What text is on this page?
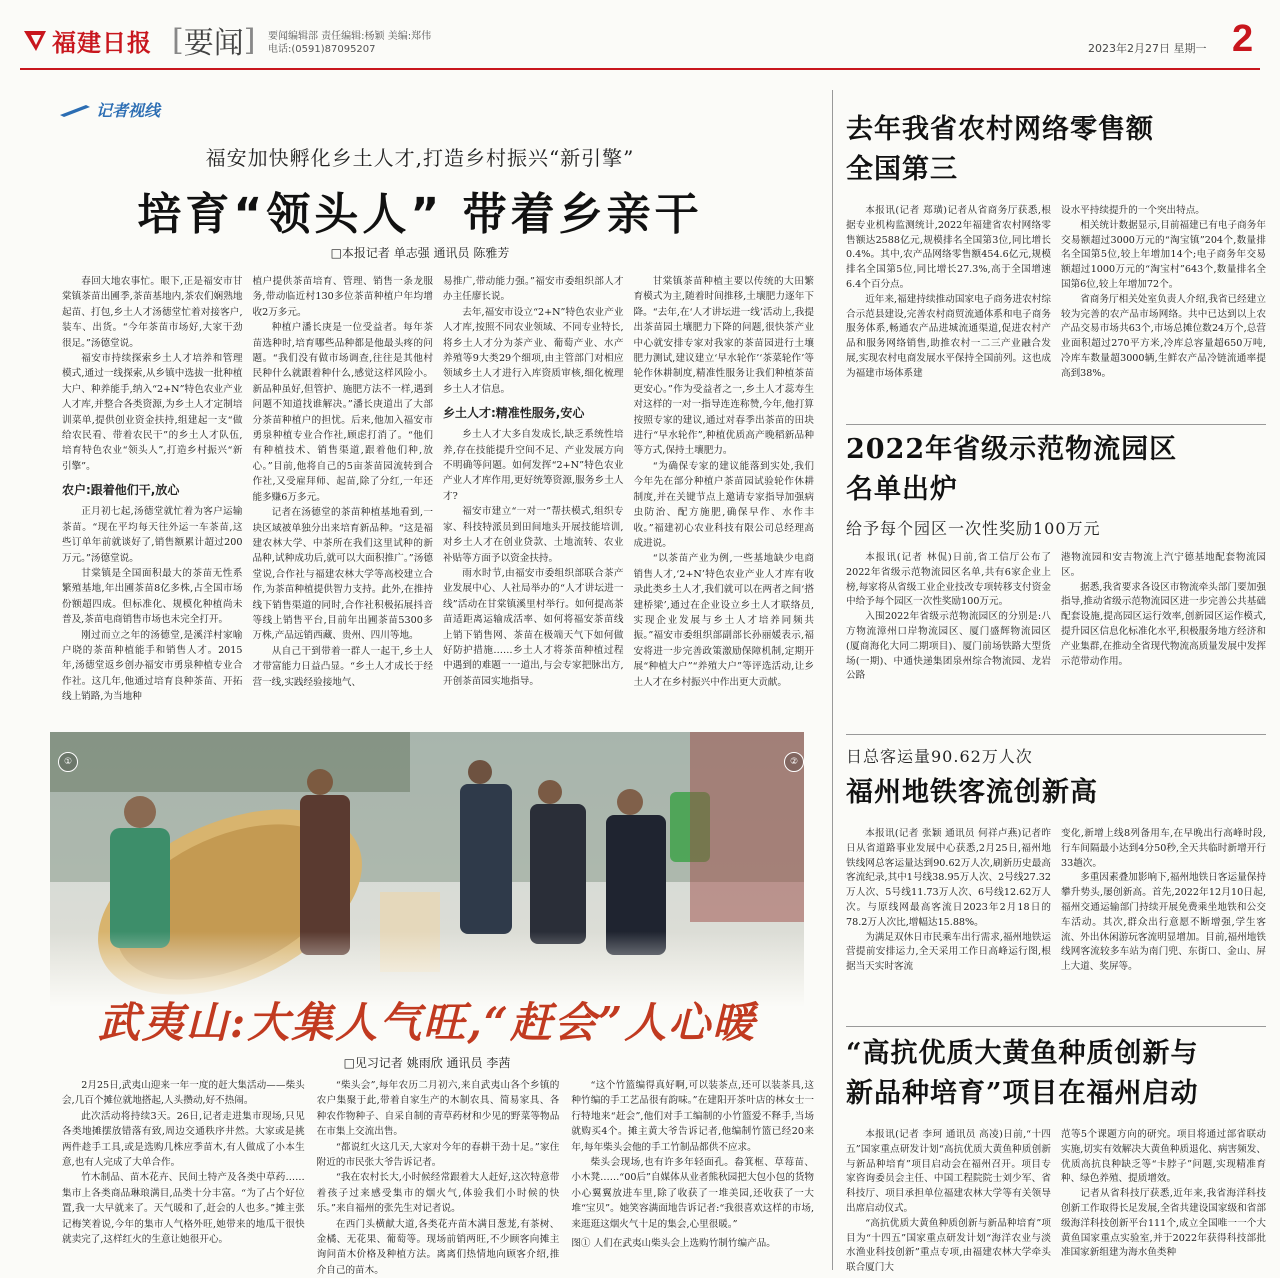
福建日报 [ 要闻 ] 要闻编辑部 责任编辑:杨颖 美编:郑伟
电话:(0591)87095207	2023年2月27日 星期一 2
记者视线
福安加快孵化乡土人才,打造乡村振兴“新引擎”
培育“领头人” 带着乡亲干
□本报记者 单志强 通讯员 陈雅芳

春回大地农事忙。眼下,正是福安市甘棠镇茶苗出圃季,茶苗基地内,茶农们娴熟地起苗、打包,乡土人才汤德堂忙着对接客户,装车、出货。“今年茶苗市场好,大家干劲很足。”汤德堂说。

福安市持续探索乡土人才培养和管理模式,通过一线探索,从乡镇中选拔一批种植大户、种养能手,纳入“2+N”特色农业产业人才库,并整合各类资源,为乡土人才定制培训菜单,提供创业资金扶持,组建起一支“做给农民看、带着农民干”的乡土人才队伍,培育特色农业“领头人”,打造乡村振兴“新引擎”。

农户:跟着他们干,放心

正月初七起,汤德堂就忙着为客户运输茶苗。“现在平均每天往外运一车茶苗,这些订单年前就谈好了,销售额累计超过200万元。”汤德堂说。

甘棠镇是全国面积最大的茶苗无性系繁殖基地,年出圃茶苗8亿多株,占全国市场份额超四成。但标准化、规模化种植尚未普及,茶苗电商销售市场也未完全打开。

刚过而立之年的汤德堂,是溪洋村家喻户晓的茶苗种植能手和销售人才。2015年,汤德堂返乡创办福安市勇泉种植专业合作社。这几年,他通过培育良种茶苗、开拓线上销路,为当地种

植户提供茶苗培育、管理、销售一条龙服务,带动临近村130多位茶苗种植户年均增收2万多元。

种植户潘长庚是一位受益者。每年茶苗选种时,培育哪些品种都是他最头疼的问题。“我们没有做市场调查,往往是其他村民种什么就跟着种什么,感觉这样风险小。新品种虽好,但管护、施肥方法不一样,遇到问题不知道找谁解决。”潘长庚道出了大部分茶苗种植户的担忧。后来,他加入福安市勇泉种植专业合作社,顾虑打消了。“他们有种植技术、销售渠道,跟着他们种,放心。”目前,他将自己的5亩茶苗园流转到合作社,又受雇拜师、起苗,除了分红,一年还能多赚6万多元。

记者在汤德堂的茶苗种植基地看到,一块区域被单独分出来培育新品种。“这是福建农林大学、中茶所在我们这里试种的新品种,试种成功后,就可以大面积推广。”汤德堂说,合作社与福建农林大学等高校建立合作,为茶苗种植提供智力支持。此外,在推持线下销售渠道的同时,合作社积极拓展抖音等线上销售平台,目前年出圃茶苗5300多万株,产品远销西藏、贵州、四川等地。

从自己干到带着一群人一起干,乡土人才带富能力日益凸显。“乡土人才成长于经营一线,实践经验接地气、

易推广,带动能力强。”福安市委组织部人才办主任廖长说。

去年,福安市设立“2+N”特色农业产业人才库,按照不同农业领域、不同专业特长,将乡土人才分为茶产业、葡萄产业、水产养殖等9大类29个细项,由主管部门对相应领域乡土人才进行入库资质审核,细化梳理乡土人才信息。

乡土人才:精准性服务,安心

乡土人才大多自发成长,缺乏系统性培养,存在技能提升空间不足、产业发展方向不明确等问题。如何发挥“2+N”特色农业产业人才库作用,更好统筹资源,服务乡土人才?

福安市建立“一对一”帮扶模式,组织专家、科技特派员到田间地头开展技能培训,对乡土人才在创业贷款、土地流转、农业补贴等方面予以资金扶持。

雨水时节,由福安市委组织部联合茶产业发展中心、人社局举办的“人才讲坛进一线”活动在甘棠镇溪里村举行。如何提高茶苗适距离运输成活率、如何将福安茶苗线上销下销售网、茶苗在极端天气下如何做好防护措施……乡土人才将茶苗种植过程中遇到的难题一一道出,与会专家把脉出方,开创茶苗园实地指导。

甘棠镇茶苗种植主要以传统的大田繁育模式为主,随着时间推移,土壤肥力逐年下降。“去年,在‘人才讲坛进一线’活动上,我提出茶苗园土壤肥力下降的问题,很快茶产业中心就安排专家对我家的茶苗园进行土壤肥力测试,建议建立‘早水轮作’‘茶菜轮作’等轮作休耕制度,精准性服务让我们种植茶苗更安心。”作为受益者之一,乡土人才蕊寿生对这样的一对一指导连连称赞,今年,他打算按照专家的建议,通过对春季出茶苗的田块进行“早水轮作”,种植优质高产晚稻新品种等方式,保持土壤肥力。

“为确保专家的建议能落到实处,我们今年先在部分种植户茶苗园试验轮作休耕制度,并在关键节点上邀请专家指导加强病虫防治、配方施肥,确保早作、水作丰收。”福建初心农业科技有限公司总经理高成进说。

“以茶苗产业为例,一些基地缺少电商销售人才,‘2+N’特色农业产业人才库有收录此类乡土人才,我们就可以在两者之间‘搭建桥梁’,通过在企业设立乡土人才联络员,实现企业发展与乡土人才培养同频共振。”福安市委组织部副部长孙丽媛表示,福安将进一步完善政策激励保障机制,定期开展“种植大户”“养殖大户”等评选活动,让乡土人才在乡村振兴中作出更大贡献。

去年我省农村网络零售额
全国第三

本报讯(记者 郑璜)记者从省商务厅获悉,根据专业机构监测统计,2022年福建省农村网络零售额达2588亿元,规模排名全国第3位,同比增长0.4%。其中,农产品网络零售额454.6亿元,规模排名全国第5位,同比增长27.3%,高于全国增速6.4个百分点。

近年来,福建持续推动国家电子商务进农村综合示范县建设,完善农村商贸流通体系和电子商务服务体系,畅通农产品进城流通渠道,促进农村产品和服务网络销售,助推农村一二三产业融合发展,实现农村电商发展水平保持全国前列。这也成为福建市场体系建

设水平持续提升的一个突出特点。

相关统计数据显示,目前福建已有电子商务年交易额超过3000万元的“淘宝镇”204个,数量排名全国第5位,较上年增加14个;电子商务年交易额超过1000万元的“淘宝村”643个,数量排名全国第6位,较上年增加72个。

省商务厅相关处室负责人介绍,我省已经建立较为完善的农产品市场网络。共中已达到以上农产品交易市场共63个,市场总摊位数24万个,总营业面积超过270平方米,冷库总容量超650万吨,冷库车数量超3000辆,生鲜农产品冷链流通率提高到38%。

2022年省级示范物流园区
名单出炉
给予每个园区一次性奖励100万元

本报讯(记者 林侃)日前,省工信厅公布了2022年省级示范物流园区名单,共有6家企业上榜,每家将从省级工业企业技改专项转移支付资金中给予每个园区一次性奖励100万元。

入围2022年省级示范物流园区的分别是:八方物流漳州口岸物流园区、厦门盛辉物流园区(厦商海化大同二期项目)、厦门前场铁路大型货场(一期)、中通快递集团泉州综合物流园、龙岩公路

港物流园和安吉物流上汽宁德基地配套物流园区。

据悉,我省要求各设区市物流牵头部门要加强指导,推动省级示范物流园区进一步完善公共基础配套设施,提高园区运行效率,创新园区运作模式,提升园区信息化标准化水平,积极服务地方经济和产业集群,在推动全省现代物流高质量发展中发挥示范带动作用。

日总客运量90.62万人次
福州地铁客流创新高

本报讯(记者 张颖 通讯员 何祥卢燕)记者昨日从省道路事业发展中心获悉,2月25日,福州地铁线网总客运量达到90.62万人次,刷新历史最高客流纪录,其中1号线38.95万人次、2号线27.32万人次、5号线11.73万人次、6号线12.62万人次。与原线网最高客流日2023年2月18日的78.2万人次比,增幅达15.88%。

为满足双休日市民乘车出行需求,福州地铁运营提前安排运力,全天采用工作日高峰运行图,根据当天实时客流

变化,新增上线8列备用车,在早晚出行高峰时段,行车间隔最小达到4分50秒,全天共临时新增开行33趟次。

多重因素叠加影响下,福州地铁日客运量保持攀升势头,屡创新高。首先,2022年12月10日起,福州交通运输部门持续开展免费乘坐地铁和公交车活动。其次,群众出行意愿不断增强,学生客流、外出休闲游玩客流明显增加。目前,福州地铁线网客流较多车站为南门兜、东街口、金山、屏上大道、奖屏等。

“高抗优质大黄鱼种质创新与
新品种培育”项目在福州启动

本报讯(记者 李珂 通讯员 高凌)日前,“十四五”国家重点研发计划“高抗优质大黄鱼种质创新与新品种培育”项目启动会在福州召开。项目专家咨询委员会主任、中国工程院院士刘少军、省科技厅、项目承担单位福建农林大学等有关领导出席启动仪式。

“高抗优质大黄鱼种质创新与新品种培育”项目为“十四五”国家重点研发计划“海洋农业与淡水渔业科技创新”重点专项,由福建农林大学牵头联合厦门大

范等5个课题方向的研究。项目将通过部省联动实施,切实有效解决大黄鱼种质退化、病害频发、优质高抗良种缺乏等“卡脖子”问题,实现精准育种、绿色养殖、提质增效。

记者从省科技厅获悉,近年来,我省海洋科技创新工作取得长足发展,全省共建设国家级和省部级海洋科技创新平台111个,成立全国唯一一个大黄鱼国家重点实验室,并于2022年获得科技部批准国家新组建为海水鱼类种

①	②
武夷山:大集人气旺,“赶会”人心暖
□见习记者 姚雨欣 通讯员 李茜

2月25日,武夷山迎来一年一度的赶大集活动——柴头会,几百个摊位就地搭起,人头攒动,好不热闹。

此次活动将持续3天。26日,记者走进集市现场,只见各类地摊摆放错落有致,周边交通秩序井然。大家或是挑两件趁手工具,或是选购几株应季苗木,有人做成了小本生意,也有人完成了大单合作。

竹木制品、苗木花卉、民间土特产及各类中草药……集市上各类商品琳琅满目,品类十分丰富。“为了占个好位置,我一大早就来了。天气暖和了,赶会的人也多。”摊主张记梅笑着说,今年的集市人气格外旺,她带来的地瓜干很快就卖完了,这样红火的生意让她很开心。

“柴头会”,每年农历二月初六,来自武夷山各个乡镇的农户集聚于此,带着自家生产的木制农具、简易家具、各种农作物种子、自采自制的青草药材和少见的野菜等物品在市集上交流出售。

“都说红火这几天,大家对今年的春耕干劲十足。”家住附近的市民张大爷告诉记者。

“我在农村长大,小时候经常跟着大人赶好,这次特意带着孩子过来感受集市的烟火气,体验我们小时候的快乐。”来自福州的张先生对记者说。

在西门头横献大道,各类花卉苗木满目葱茏,有茶树、金橘、无花果、葡萄等。现场前销两旺,不少顾客向摊主询问苗木价格及种植方法。离离们热情地向顾客介绍,推介自己的苗木。

“这个竹篮编得真好啊,可以装茶点,还可以装茶具,这种竹编的手工艺品很有韵味。”在建阳开茶叶店的林女士一行特地来“赶会”,他们对手工编制的小竹篮爱不释手,当场就购买4个。摊主黄大爷告诉记者,他编制竹篮已经20来年,每年柴头会他的手工竹制品都供不应求。

柴头会现场,也有许多年轻面孔。畚箕框、草莓苗、小木凳……“00后”自媒体从业者熊秋园把大包小包的货物小心翼翼放进车里,除了收获了一堆美园,还收获了一大堆“宝贝”。她笑容满面地告诉记者:“我很喜欢这样的市场,来逛逛这烟火气十足的集会,心里很暖。”

图① 人们在武夷山柴头会上选购竹制竹编产品。
